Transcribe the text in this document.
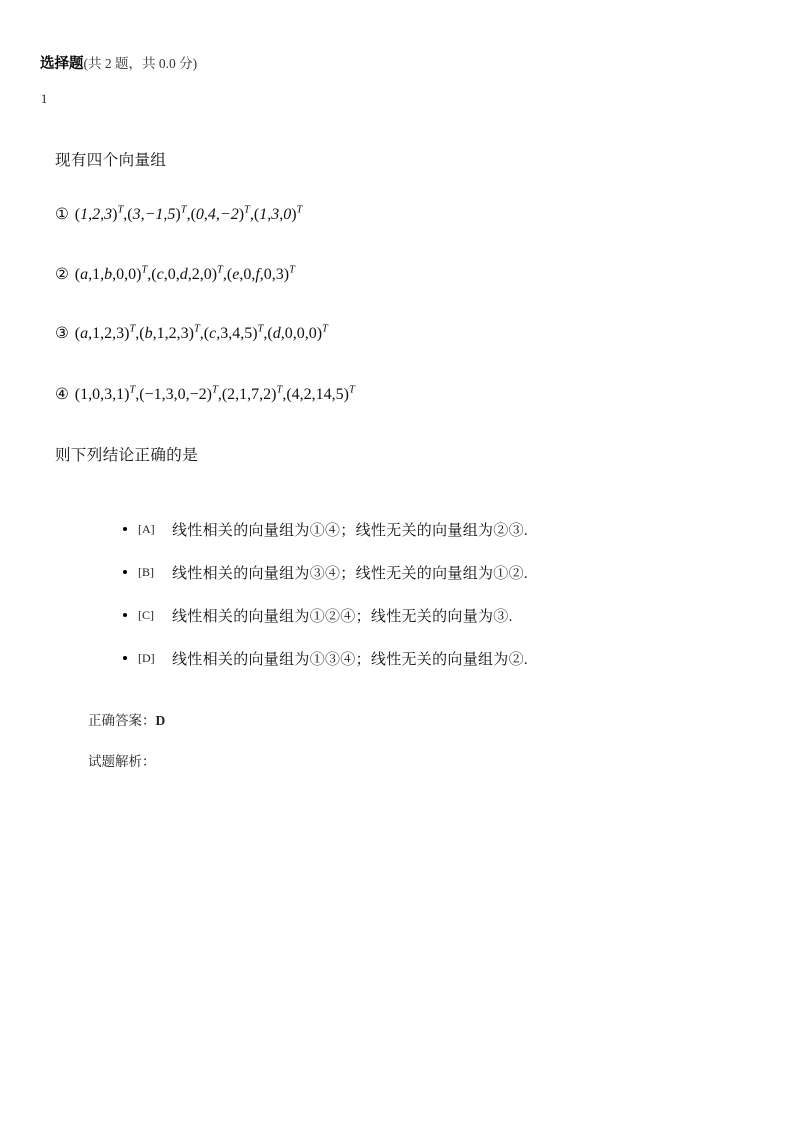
选择题(共 2 题，共 0.0 分)
1
现有四个向量组
① $(1,2,3)^T,(3,-1,5)^T,(0,4,-2)^T,(1,3,0)^T$
② $(a,1,b,0,0)^T,(c,0,d,2,0)^T,(e,0,f,0,3)^T$
③ $(a,1,2,3)^T,(b,1,2,3)^T,(c,3,4,5)^T,(d,0,0,0)^T$
④ $(1,0,3,1)^T,(-1,3,0,-2)^T,(2,1,7,2)^T,(4,2,14,5)^T$
则下列结论正确的是
[A]	线性相关的向量组为①④；线性无关的向量组为②③.
[B]	线性相关的向量组为③④；线性无关的向量组为①②.
[C]	线性相关的向量组为①②④；线性无关的向量为③.
[D]	线性相关的向量组为①③④；线性无关的向量组为②.
正确答案：D
试题解析：
